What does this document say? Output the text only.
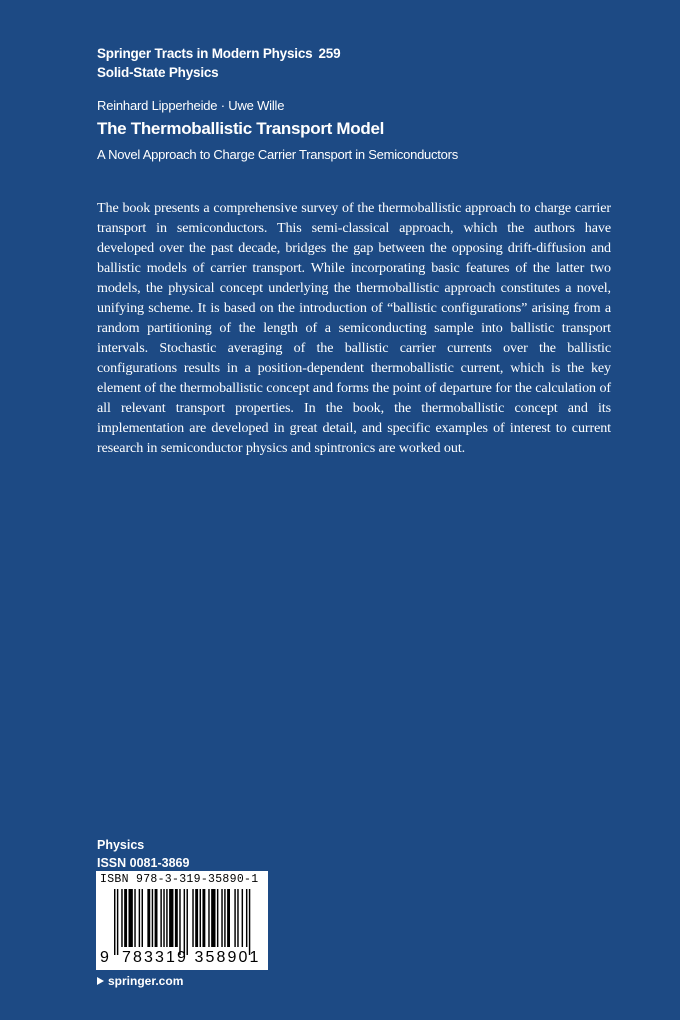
Springer Tracts in Modern Physics 259
Solid-State Physics
Reinhard Lipperheide · Uwe Wille
The Thermoballistic Transport Model
A Novel Approach to Charge Carrier Transport in Semiconductors

The book presents a comprehensive survey of the thermoballistic approach to charge carrier transport in semiconductors. This semi-classical approach, which the authors have developed over the past decade, bridges the gap between the opposing drift-diffusion and ballistic models of carrier transport. While incorporating basic features of the latter two models, the physical concept underlying the thermoballistic approach constitutes a novel, unifying scheme. It is based on the introduction of “ballistic configurations” arising from a random partitioning of the length of a semiconducting sample into ballistic transport intervals. Stochastic averaging of the ballistic carrier currents over the ballistic configurations results in a position-dependent thermoballistic current, which is the key element of the thermoballistic concept and forms the point of departure for the calculation of all relevant transport properties. In the book, the thermoballistic concept and its implementation are developed in great detail, and specific examples of interest to current research in semiconductor physics and spintronics are worked out.

Physics
ISSN 0081-3869
ISBN 978-3-319-35890-1
9 783319 358901
springer.com
